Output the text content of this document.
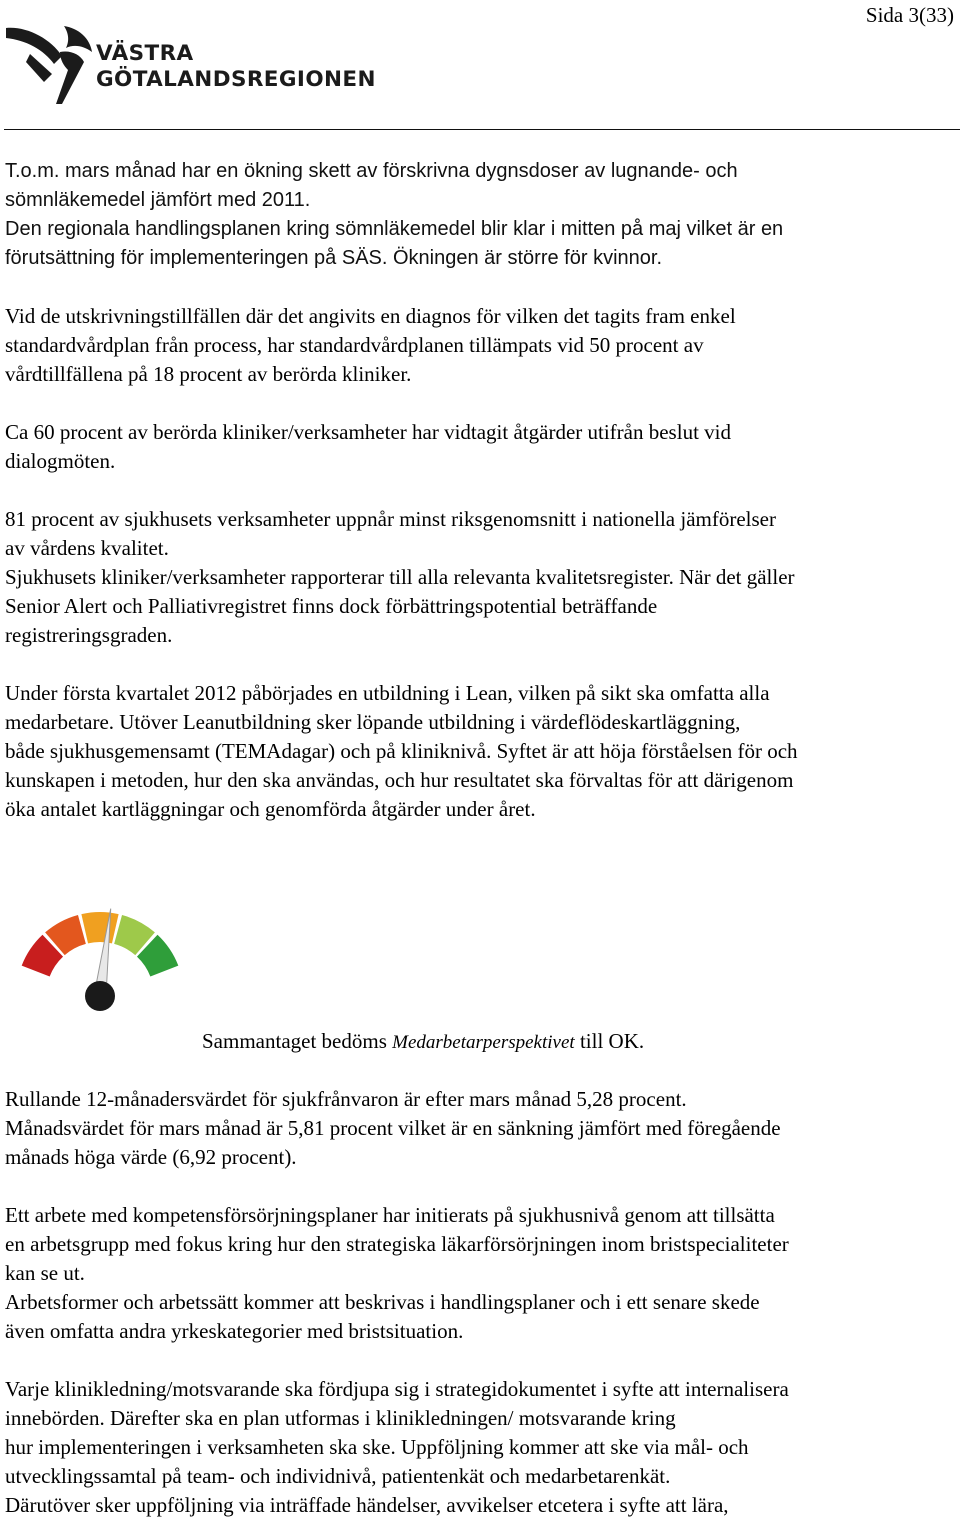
Sida 3(33)
VÄSTRA
GÖTALANDSREGIONEN
T.o.m. mars månad har en ökning skett av förskrivna dygnsdoser av lugnande- och
sömnläkemedel jämfört med 2011.
Den regionala handlingsplanen kring sömnläkemedel blir klar i mitten på maj vilket är en
förutsättning för implementeringen på SÄS. Ökningen är större för kvinnor.
Vid de utskrivningstillfällen där det angivits en diagnos för vilken det tagits fram enkel
standardvårdplan från process, har standardvårdplanen tillämpats vid 50 procent av
vårdtillfällena på 18 procent av berörda kliniker.
Ca 60 procent av berörda kliniker/verksamheter har vidtagit åtgärder utifrån beslut vid
dialogmöten.
81 procent av sjukhusets verksamheter uppnår minst riksgenomsnitt i nationella jämförelser
av vårdens kvalitet.
Sjukhusets kliniker/verksamheter rapporterar till alla relevanta kvalitetsregister. När det gäller
Senior Alert och Palliativregistret finns dock förbättringspotential beträffande
registreringsgraden.
Under första kvartalet 2012 påbörjades en utbildning i Lean, vilken på sikt ska omfatta alla
medarbetare. Utöver Leanutbildning sker löpande utbildning i värdeflödeskartläggning,
både sjukhusgemensamt (TEMAdagar) och på kliniknivå. Syftet är att höja förståelsen för och
kunskapen i metoden, hur den ska användas, och hur resultatet ska förvaltas för att därigenom
öka antalet kartläggningar och genomförda åtgärder under året.
Sammantaget bedöms Medarbetarperspektivet till OK.
Rullande 12-månadersvärdet för sjukfrånvaron är efter mars månad 5,28 procent.
Månadsvärdet för mars månad är 5,81 procent vilket är en sänkning jämfört med föregående
månads höga värde (6,92 procent).
Ett arbete med kompetensförsörjningsplaner har initierats på sjukhusnivå genom att tillsätta
en arbetsgrupp med fokus kring hur den strategiska läkarförsörjningen inom bristspecialiteter
kan se ut.
Arbetsformer och arbetssätt kommer att beskrivas i handlingsplaner och i ett senare skede
även omfatta andra yrkeskategorier med bristsituation.
Varje klinikledning/motsvarande ska fördjupa sig i strategidokumentet i syfte att internalisera
innebörden. Därefter ska en plan utformas i klinikledningen/ motsvarande kring
hur implementeringen i verksamheten ska ske. Uppföljning kommer att ske via mål- och
utvecklingssamtal på team- och individnivå, patientenkät och medarbetarenkät.
Därutöver sker uppföljning via inträffade händelser, avvikelser etcetera i syfte att lära,
